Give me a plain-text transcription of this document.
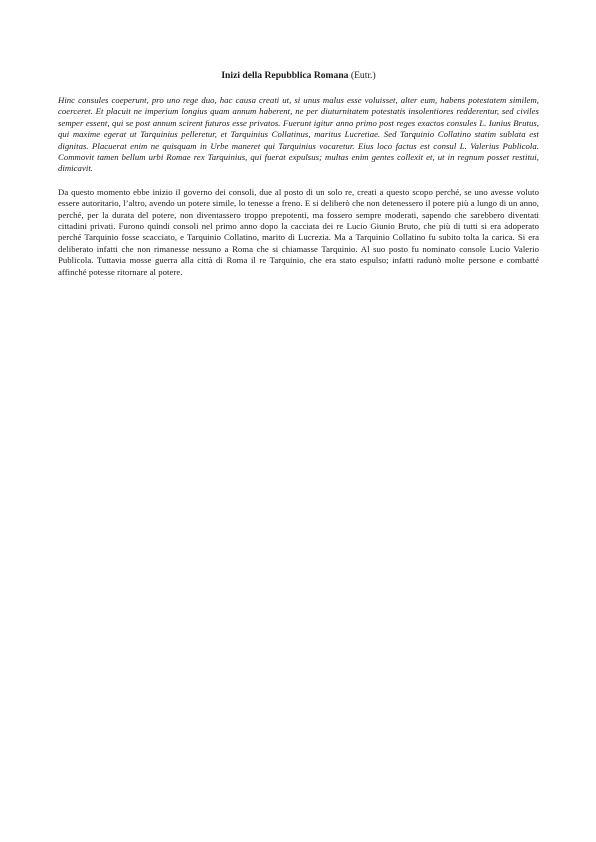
Inizi della Repubblica Romana (Eutr.)

Hinc consules coeperunt, pro uno rege duo, hac causa creati ut, si unus malus esse voluisset, alter eum, habens potestatem similem, coerceret. Et placuit ne imperium longius quam annum haberent, ne per diuturnitatem potestatis insolentiores redderentur, sed civiles semper essent, qui se post annum scirent futuros esse privatos. Fuerunt igitur anno primo post reges exactos consules L. Iunius Brutus, qui maxime egerat ut Tarquinius pelleretur, et Tarquinius Collatinus, maritus Lucretiae. Sed Tarquinio Collatino statim sublata est dignitas. Placuerat enim ne quisquam in Urbe maneret qui Tarquinius vocaretur. Eius loco factus est consul L. Valerius Publicola. Commovit tamen bellum urbi Romae rex Tarquinius, qui fuerat expulsus; multas enim gentes collexit et, ut in regnum posset restitui, dimicavit.

Da questo momento ebbe inizio il governo dei consoli, due al posto di un solo re, creati a questo scopo perché, se uno avesse voluto essere autoritario, l’altro, avendo un potere simile, lo tenesse a freno. E si deliberò che non detenessero il potere più a lungo di un anno, perché, per la durata del potere, non diventassero troppo prepotenti, ma fossero sempre moderati, sapendo che sarebbero diventati cittadini privati. Furono quindi consoli nel primo anno dopo la cacciata dei re Lucio Giunio Bruto, che più di tutti si era adoperato perché Tarquinio fosse scacciato, e Tarquinio Collatino, marito di Lucrezia. Ma a Tarquinio Collatino fu subito tolta la carica. Si era deliberato infatti che non rimanesse nessuno a Roma che si chiamasse Tarquinio. Al suo posto fu nominato console Lucio Valerio Publicola. Tuttavia mosse guerra alla città di Roma il re Tarquinio, che era stato espulso; infatti radunò molte persone e combatté affinché potesse ritornare al potere.
